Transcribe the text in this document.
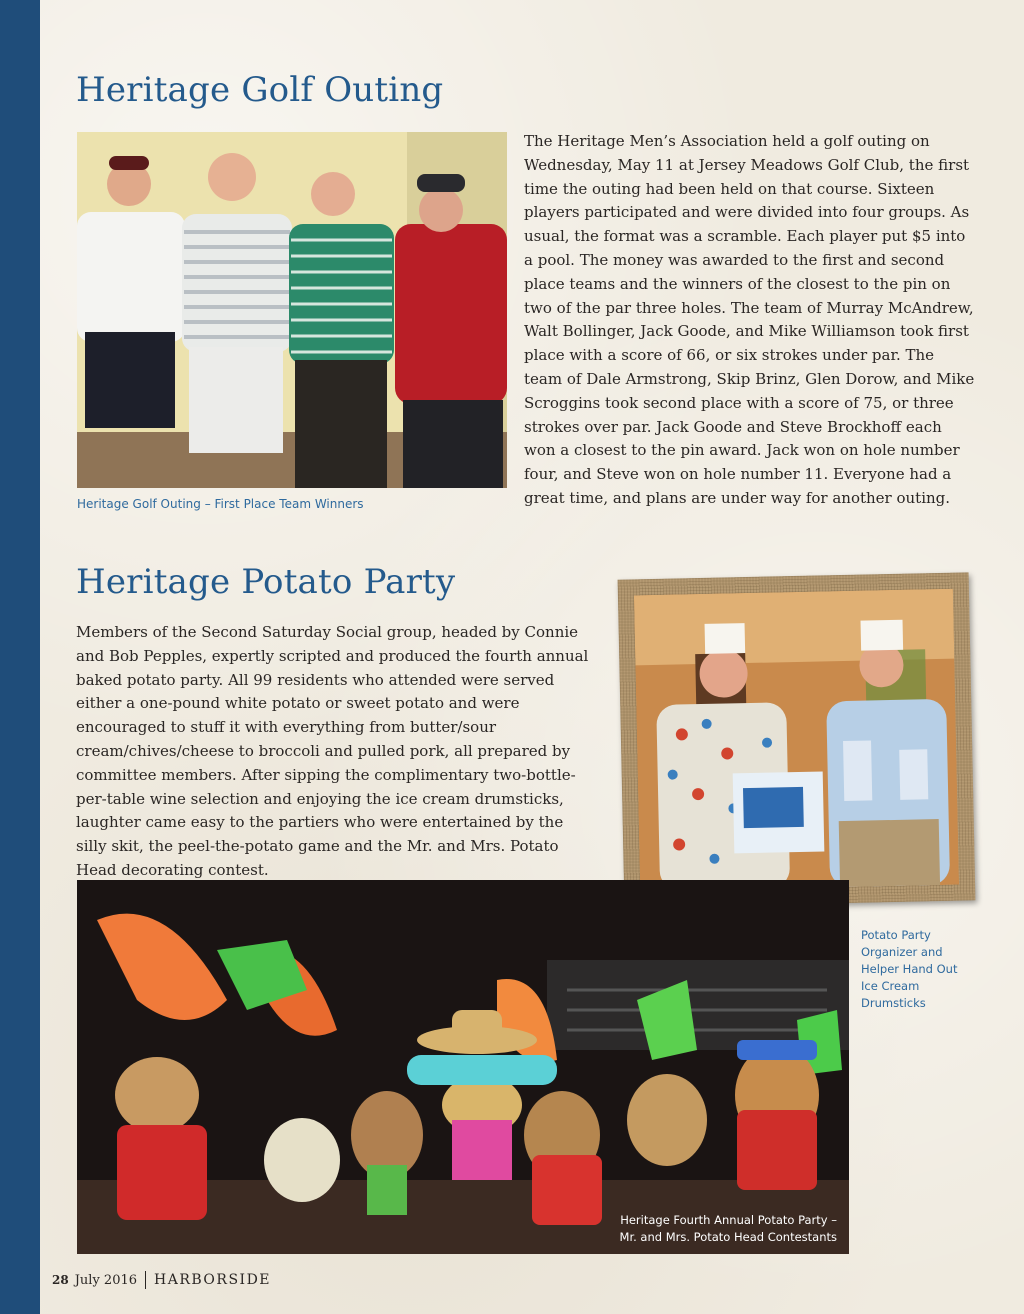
Heritage Golf Outing

Heritage Golf Outing – First Place Team Winners

The Heritage Men’s Association held a golf outing on Wednesday, May 11 at Jersey Meadows Golf Club, the first time the outing had been held on that course. Sixteen players participated and were divided into four groups. As usual, the format was a scramble. Each player put $5 into a pool. The money was awarded to the first and second place teams and the winners of the closest to the pin on two of the par three holes. The team of Murray McAndrew, Walt Bollinger, Jack Goode, and Mike Williamson took first place with a score of 66, or six strokes under par. The team of Dale Armstrong, Skip Brinz, Glen Dorow, and Mike Scroggins took second place with a score of 75, or three strokes over par. Jack Goode and Steve Brockhoff each won a closest to the pin award. Jack won on hole number four, and Steve won on hole number 11. Everyone had a great time, and plans are under way for another outing.

Heritage Potato Party

Members of the Second Saturday Social group, headed by Connie and Bob Pepples, expertly scripted and produced the fourth annual baked potato party. All 99 residents who attended were served either a one-pound white potato or sweet potato and were encouraged to stuff it with everything from butter/sour cream/chives/cheese to broccoli and pulled pork, all prepared by committee members. After sipping the complimentary two-bottle-per-table wine selection and enjoying the ice cream drumsticks, laughter came easy to the partiers who were entertained by the silly skit, the peel-the-potato game and the Mr. and Mrs. Potato Head decorating contest.

Potato Party Organizer and Helper Hand Out Ice Cream Drumsticks

Heritage Fourth Annual Potato Party –
Mr. and Mrs. Potato Head Contestants
28 July 2016 HARBORSIDE
